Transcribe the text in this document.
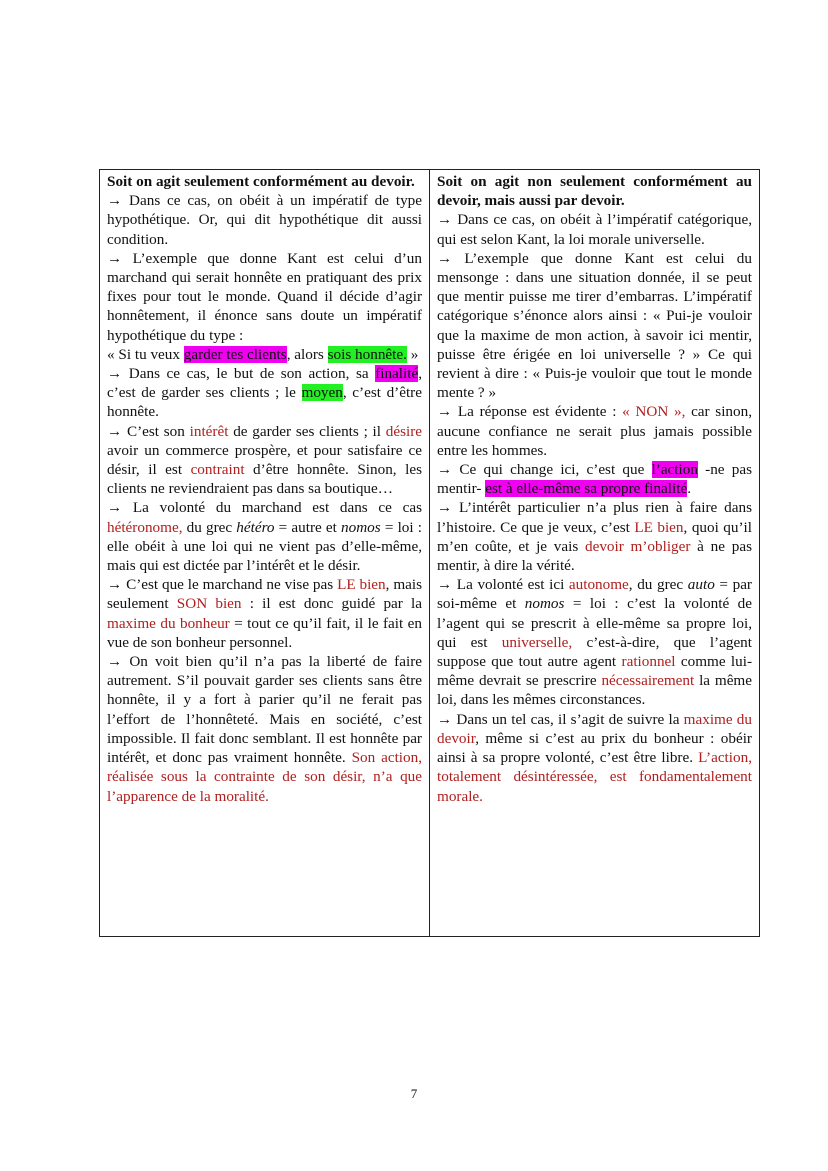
Soit on agit seulement conformément au devoir.

→ Dans ce cas, on obéit à un impératif de type hypothétique. Or, qui dit hypothétique dit aussi condition.

→ L’exemple que donne Kant est celui d’un marchand qui serait honnête en pratiquant des prix fixes pour tout le monde. Quand il décide d’agir honnêtement, il énonce sans doute un impératif hypothétique du type :

« Si tu veux garder tes clients, alors sois honnête. »

→ Dans ce cas, le but de son action, sa finalité, c’est de garder ses clients ; le moyen, c’est d’être honnête.

→ C’est son intérêt de garder ses clients ; il désire avoir un commerce prospère, et pour satisfaire ce désir, il est contraint d’être honnête. Sinon, les clients ne reviendraient pas dans sa boutique…

→ La volonté du marchand est dans ce cas hétéronome, du grec hétéro = autre et nomos = loi : elle obéit à une loi qui ne vient pas d’elle-même, mais qui est dictée par l’intérêt et le désir.

→ C’est que le marchand ne vise pas LE bien, mais seulement SON bien : il est donc guidé par la maxime du bonheur = tout ce qu’il fait, il le fait en vue de son bonheur personnel.

→ On voit bien qu’il n’a pas la liberté de faire autrement. S’il pouvait garder ses clients sans être honnête, il y a fort à parier qu’il ne ferait pas l’effort de l’honnêteté. Mais en société, c’est impossible. Il fait donc semblant. Il est honnête par intérêt, et donc pas vraiment honnête. Son action, réalisée sous la contrainte de son désir, n’a que l’apparence de la moralité.

Soit on agit non seulement conformément au devoir, mais aussi par devoir.

→ Dans ce cas, on obéit à l’impératif catégorique, qui est selon Kant, la loi morale universelle.

→ L’exemple que donne Kant est celui du mensonge : dans une situation donnée, il se peut que mentir puisse me tirer d’embarras. L’impératif catégorique s’énonce alors ainsi : « Pui-je vouloir que la maxime de mon action, à savoir ici mentir, puisse être érigée en loi universelle ? » Ce qui revient à dire : « Puis-je vouloir que tout le monde mente ? »

→ La réponse est évidente : « NON », car sinon, aucune confiance ne serait plus jamais possible entre les hommes.

→ Ce qui change ici, c’est que l’action -ne pas mentir- est à elle-même sa propre finalité.

→ L’intérêt particulier n’a plus rien à faire dans l’histoire. Ce que je veux, c’est LE bien, quoi qu’il m’en coûte, et je vais devoir m’obliger à ne pas mentir, à dire la vérité.

→ La volonté est ici autonome, du grec auto = par soi-même et nomos = loi : c’est la volonté de l’agent qui se prescrit à elle-même sa propre loi, qui est universelle, c’est-à-dire, que l’agent suppose que tout autre agent rationnel comme lui-même devrait se prescrire nécessairement la même loi, dans les mêmes circonstances.

→ Dans un tel cas, il s’agit de suivre la maxime du devoir, même si c’est au prix du bonheur : obéir ainsi à sa propre volonté, c’est être libre. L’action, totalement désintéressée, est fondamentalement morale.

7
